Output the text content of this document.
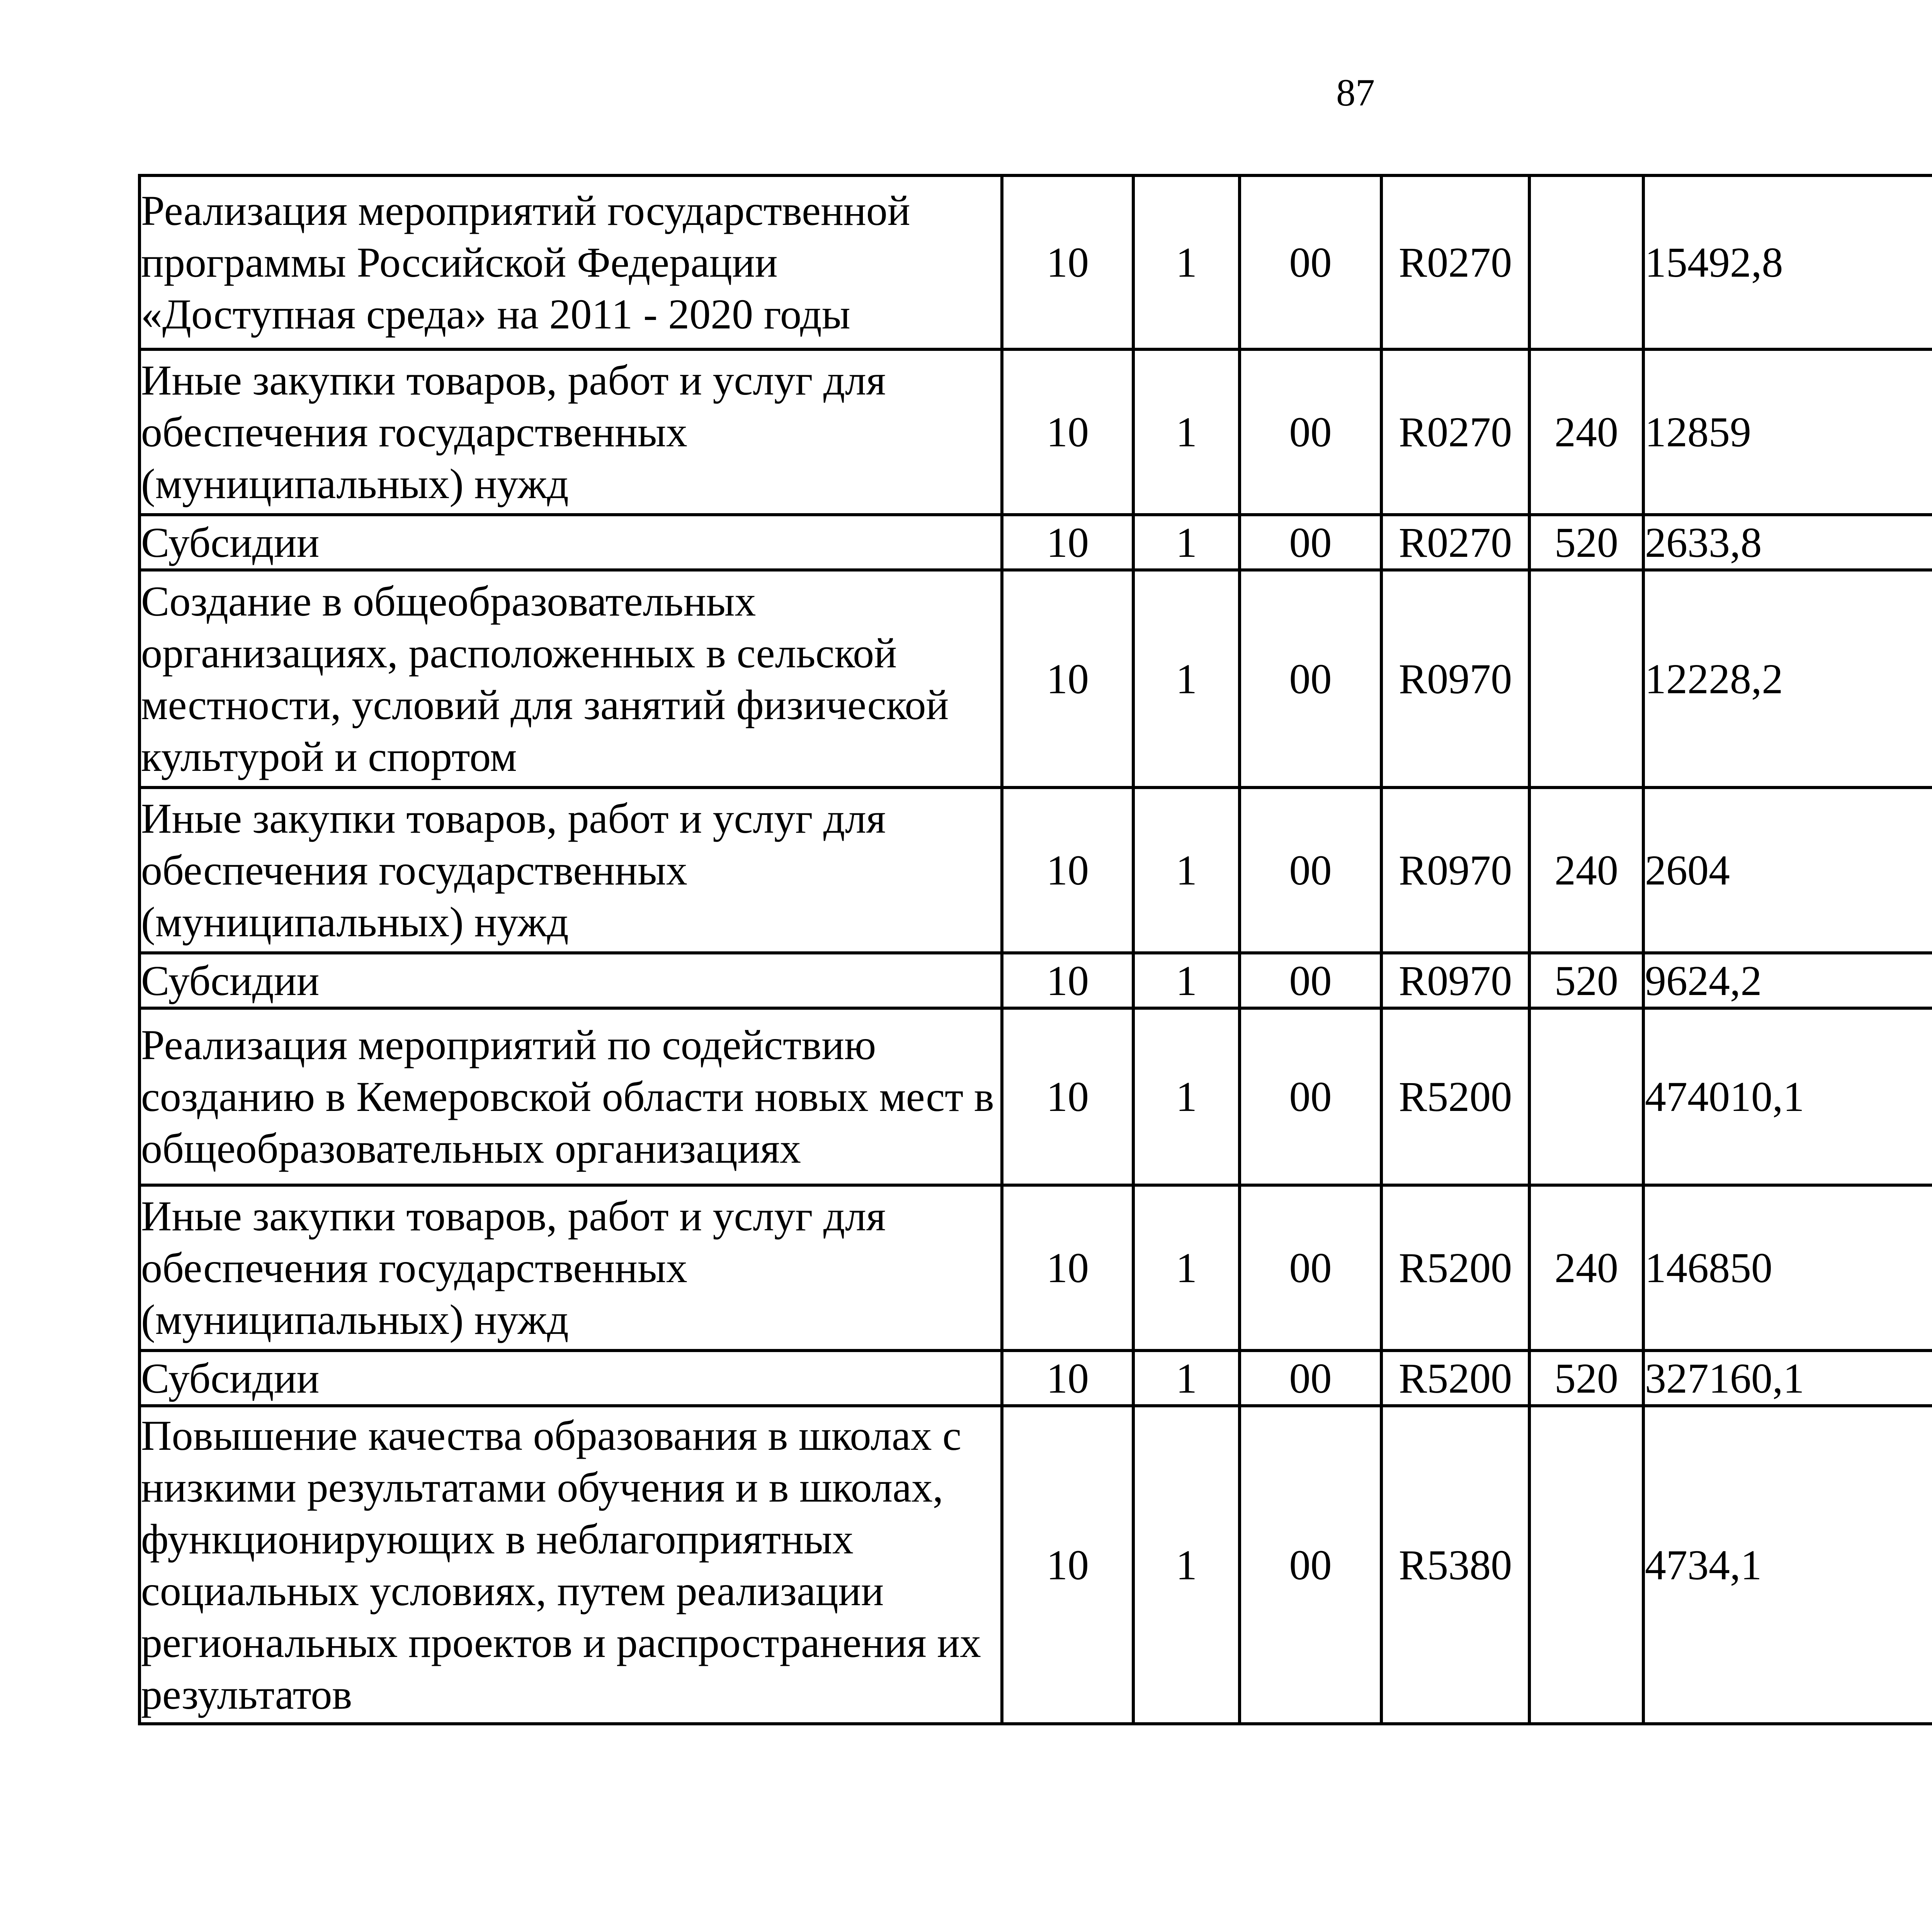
87
Реализация мероприятий государственной программы Российской Федерации «Доступная среда» на 2011 - 2020 годы	10	1	00	R0270		15492,8		
Иные закупки товаров, работ и услуг для обеспечения государственных (муниципальных) нужд	10	1	00	R0270	240	12859		
Субсидии	10	1	00	R0270	520	2633,8		
Создание в общеобразовательных организациях, расположенных в сельской местности, условий для занятий физической культурой и спортом	10	1	00	R0970		12228,2		
Иные закупки товаров, работ и услуг для обеспечения государственных (муниципальных) нужд	10	1	00	R0970	240	2604		
Субсидии	10	1	00	R0970	520	9624,2		
Реализация мероприятий по содействию созданию в Кемеровской области новых мест в общеобразовательных организациях	10	1	00	R5200		474010,1		
Иные закупки товаров, работ и услуг для обеспечения государственных (муниципальных) нужд	10	1	00	R5200	240	146850		
Субсидии	10	1	00	R5200	520	327160,1		
Повышение качества образования в школах с низкими результатами обучения и в школах, функционирующих в неблагоприятных социальных условиях, путем реализации региональных проектов и распространения их результатов	10	1	00	R5380		4734,1		
